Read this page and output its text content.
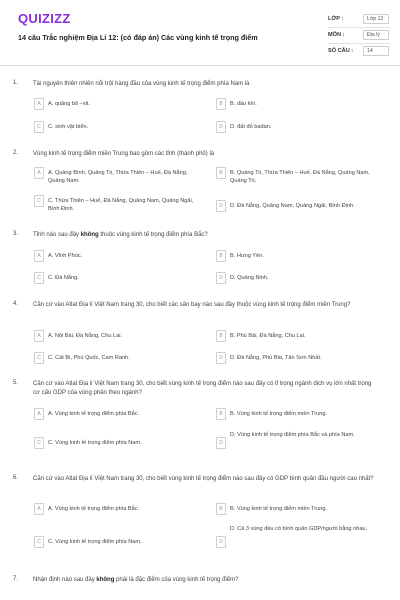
QUIZIZZ
14 câu Trắc nghiệm Địa Lí 12: (có đáp án) Các vùng kinh tế trọng điểm
LỚP :	Lớp 12
MÔN :	Địa lý
SỐ CÂU :	14
1. Tài nguyên thiên nhiên nổi trội hàng đầu của vùng kinh tế trọng điểm phía Nam là
A	A. quặng bô –xit.	B	B. dầu khí.
C	C. sinh vật biển.	D	D. đất đỏ badan.
2. Vùng kinh tế trọng điểm miền Trung bao gồm các tỉnh (thành phố) là
A	A. Quảng Bình, Quảng Trị, Thừa Thiên – Huế, Đà Nẵng, Quảng Nam.
B	B. Quảng Trị, Thừa Thiên – Huế, Đà Nẵng, Quảng Nam, Quảng Trị.
C	C. Thừa Thiên – Huế, Đà Nẵng, Quảng Nam, Quảng Ngãi, Bình Định.	D	D. Đà Nẵng, Quảng Nam, Quảng Ngãi, Bình Định.
3. Tỉnh nào sau đây không thuộc vùng kinh tế trọng điểm phía Bắc?
A	A. Vĩnh Phúc.	B	B. Hưng Yên.
C	C. Đà Nẵng.	D	D. Quảng Ninh.
4. Căn cứ vào Atlat Địa lí Việt Nam trang 30, cho biết các sân bay nào sau đây thuộc vùng kinh tế trọng điểm miền Trung?
A	A. Nội Bài, Đà Nẵng, Chu Lai.	B	B. Phú Bài, Đà Nẵng, Chu Lai.
C	C. Cát Bi, Phú Quốc, Cam Ranh.	D	D. Đà Nẵng, Phú Bài, Tân Sơn Nhất.
5. Căn cứ vào Atlat Địa lí Việt Nam trang 30, cho biết vùng kinh tế trọng điểm nào sau đây có tỉ trọng ngành dịch vụ lớn nhất trong cơ cấu GDP của vùng phân theo ngành?
A	A. Vùng kinh tế trọng điểm phía Bắc.	B	B. Vùng kinh tế trọng điểm miền Trung.
C	C. Vùng kinh tế trọng điểm phía Nam.	D
D. Vùng kinh tế trọng điểm phía Bắc và phía Nam.
6. Căn cứ vào Atlat Địa lí Việt Nam trang 30, cho biết vùng kinh tế trọng điểm nào sau đây có GDP bình quân đầu người cao nhất?
A	A. Vùng kinh tế trọng điểm phía Bắc.	B	B. Vùng kinh tế trọng điểm miền Trung.
C	C. Vùng kinh tế trọng điểm phía Nam.	D
D. Cả 3 vùng đều có bình quân GDP/người bằng nhau.
7. Nhận định nào sau đây không phải là đặc điểm của vùng kinh tế trọng điểm?
